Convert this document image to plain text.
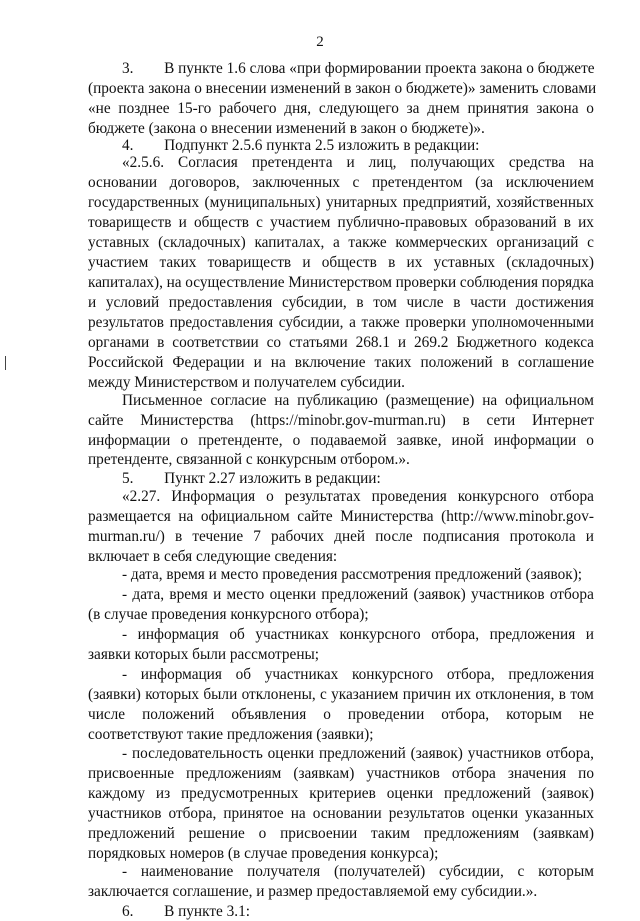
2
3.        В пункте 1.6 слова «при формировании проекта закона о бюджете
(проекта закона о внесении изменений в закон о бюджете)» заменить словами
«не позднее 15-го рабочего дня, следующего за днем принятия закона о
бюджете (закона о внесении изменений в закон о бюджете)».
4.        Подпункт 2.5.6 пункта 2.5 изложить в редакции:
«2.5.6. Согласия претендента и лиц, получающих средства на
основании договоров, заключенных с претендентом (за исключением
государственных (муниципальных) унитарных предприятий, хозяйственных
товариществ и обществ с участием публично-правовых образований в их
уставных (складочных) капиталах, а также коммерческих организаций с
участием таких товариществ и обществ в их уставных (складочных)
капиталах), на осуществление Министерством проверки соблюдения порядка
и условий предоставления субсидии, в том числе в части достижения
результатов предоставления субсидии, а также проверки уполномоченными
органами в соответствии со статьями 268.1 и 269.2 Бюджетного кодекса
Российской Федерации и на включение таких положений в соглашение
между Министерством и получателем субсидии.
Письменное согласие на публикацию (размещение) на официальном
сайте Министерства (https://minobr.gov-murman.ru) в сети Интернет
информации о претенденте, о подаваемой заявке, иной информации о
претенденте, связанной с конкурсным отбором.».
5.        Пункт 2.27 изложить в редакции:
«2.27. Информация о результатах проведения конкурсного отбора
размещается на официальном сайте Министерства (http://www.minobr.gov-
murman.ru/) в течение 7 рабочих дней после подписания протокола и
включает в себя следующие сведения:
- дата, время и место проведения рассмотрения предложений (заявок);
- дата, время и место оценки предложений (заявок) участников отбора
(в случае проведения конкурсного отбора);
- информация об участниках конкурсного отбора, предложения и
заявки которых были рассмотрены;
- информация об участниках конкурсного отбора, предложения
(заявки) которых были отклонены, с указанием причин их отклонения, в том
числе положений объявления о проведении отбора, которым не
соответствуют такие предложения (заявки);
- последовательность оценки предложений (заявок) участников отбора,
присвоенные предложениям (заявкам) участников отбора значения по
каждому из предусмотренных критериев оценки предложений (заявок)
участников отбора, принятое на основании результатов оценки указанных
предложений решение о присвоении таким предложениям (заявкам)
порядковых номеров (в случае проведения конкурса);
- наименование получателя (получателей) субсидии, с которым
заключается соглашение, и размер предоставляемой ему субсидии.».
6.        В пункте 3.1:
